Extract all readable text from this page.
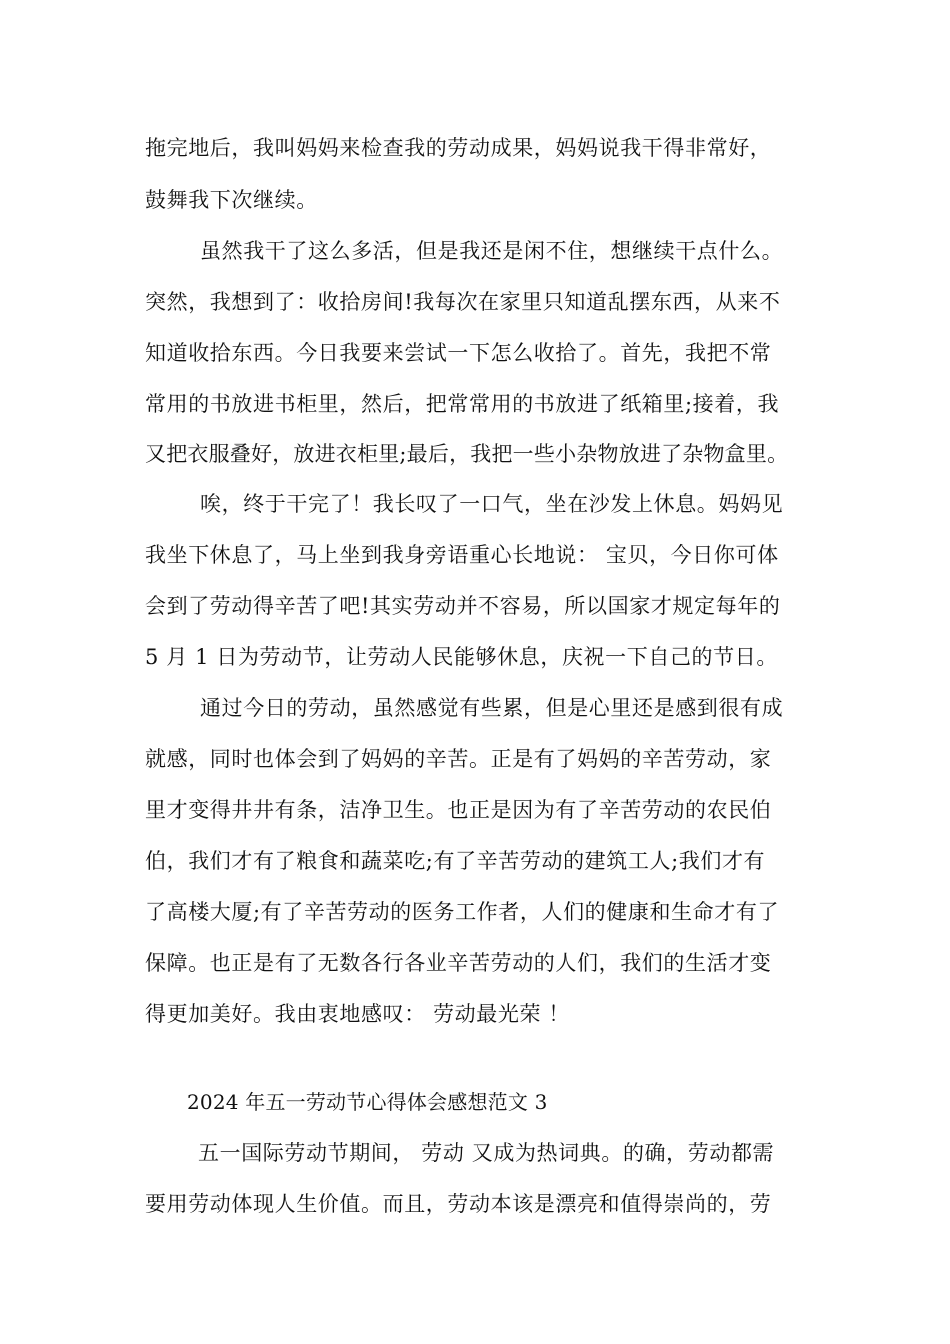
拖完地后，我叫妈妈来检查我的劳动成果，妈妈说我干得非常好，

鼓舞我下次继续。

虽然我干了这么多活，但是我还是闲不住，想继续干点什么。

突然，我想到了：收拾房间!我每次在家里只知道乱摆东西，从来不

知道收拾东西。今日我要来尝试一下怎么收拾了。首先，我把不常

常用的书放进书柜里，然后，把常常用的书放进了纸箱里;接着，我

又把衣服叠好，放进衣柜里;最后，我把一些小杂物放进了杂物盒里。

唉，终于干完了！我长叹了一口气，坐在沙发上休息。妈妈见

我坐下休息了，马上坐到我身旁语重心长地说： 宝贝，今日你可体

会到了劳动得辛苦了吧!其实劳动并不容易，所以国家才规定每年的

5 月 1 日为劳动节，让劳动人民能够休息，庆祝一下自己的节日。

通过今日的劳动，虽然感觉有些累，但是心里还是感到很有成

就感，同时也体会到了妈妈的辛苦。正是有了妈妈的辛苦劳动，家

里才变得井井有条，洁净卫生。也正是因为有了辛苦劳动的农民伯

伯，我们才有了粮食和蔬菜吃;有了辛苦劳动的建筑工人;我们才有

了高楼大厦;有了辛苦劳动的医务工作者，人们的健康和生命才有了

保障。也正是有了无数各行各业辛苦劳动的人们，我们的生活才变

得更加美好。我由衷地感叹： 劳动最光荣 ！

2024 年五一劳动节心得体会感想范文 3

五一国际劳动节期间， 劳动 又成为热词典。的确，劳动都需

要用劳动体现人生价值。而且，劳动本该是漂亮和值得崇尚的，劳
